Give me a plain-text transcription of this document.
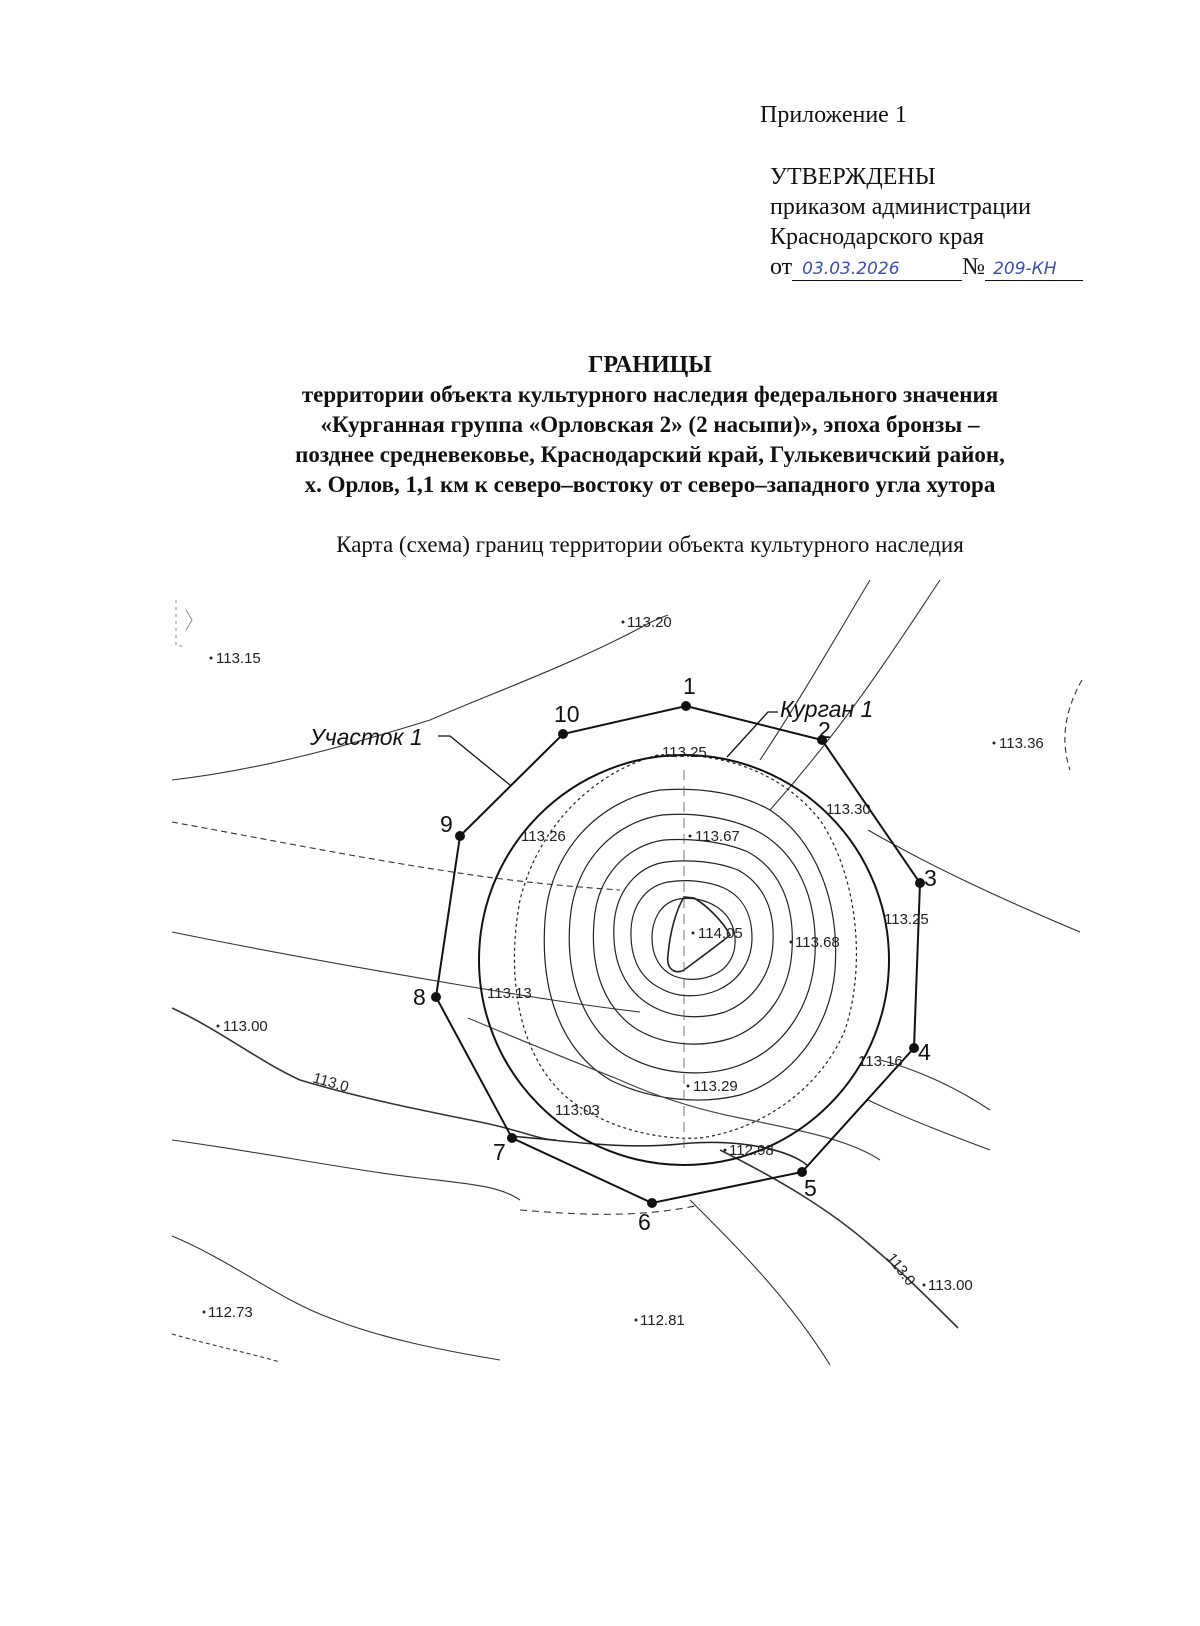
Приложение 1
УТВЕРЖДЕНЫ
приказом администрации
Краснодарского края
от 03.03.2026	№ 209-КН
ГРАНИЦЫ
территории объекта культурного наследия федерального значения
«Курганная группа «Орловская 2» (2 насыпи)», эпоха бронзы –
позднее средневековье, Краснодарский край, Гулькевичский район,
х. Орлов, 1,1 км к северо–востоку от северо–западного угла хутора
Карта (схема) границ территории объекта культурного наследия
1
2
3
4
5
6
7
8
9
10
Участок 1
Курган 1
113.0
113.0
113.20
113.15
113.36
113.25
113.30
113.26	113.67
113.25
114.05
113.68
113.13
113.00
113.16
113.29
113.03
112.98
113.00
112.73	112.81
